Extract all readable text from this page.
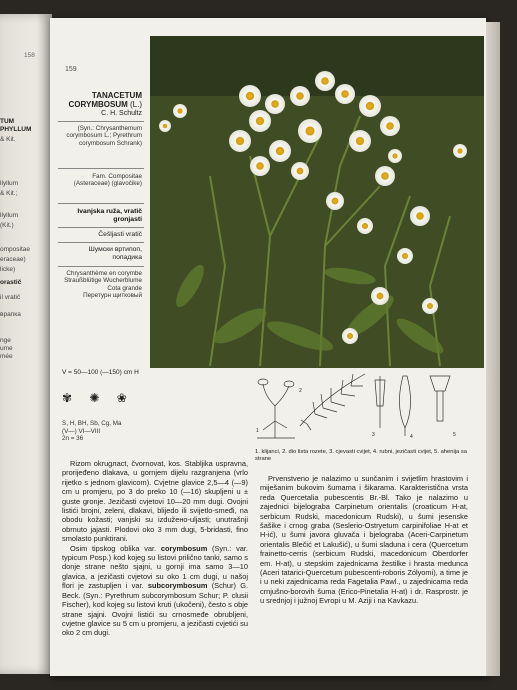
158
TUM
PHYLLUM
& Kit.
llyllum
& Kit.;
llyllum
(Kit.)
ompositae
eraceae)
licke)
orastič
il vratič
врапка
nge
ume
mée
159
TANACETUM
CORYMBOSUM (L.)
C. H. Schultz
(Syn.: Chrysanthemum corymbosum L.; Pyrethrum corymbosum Schrank)
Fam. Compositae (Asteraceae) (glavočike)
Ivanjska ruža, vratič gronjasti
Češljasti vratič
Шумски вртипоп, попадика
Chrysanthème en corymbe
Straußblütige Wucherblume
Cota grande
Перетурн щитковый
V = 50—100 (—150) cm H
✾ ✺ ❀
S, H, BH, Sb, Cg, Ma
(V—) VI—VIII
2n = 36
1
2
3	4	5
1. klijanci, 2. dio lista rozete, 3. cjevasti cvijet, 4. rubni, jezičasti cvijet, 5. ahenija sa strane

Rizom okrugласt, čvornovat, kos. Stabljika uspravna, prorijeđeno dlakava, u gornjem dijelu razgranjena (vrlo rijetko s jednom glavicom). Cvjetne glavice 2,5—4 (—9) cm u promjeru, po 3 do preko 10 (—16) skupljeni u ± guste gronje. Jezičasti cvjetovi 10—20 mm dugi. Ovojni listići brojni, zeleni, dlakavi, blijedo ili svijetlo-smeđi, na obodu kožasti; vanjski su izdužено-uljasti; unutrašnji obrnuto jajasti. Plodovi oko 3 mm dugi, 5-bridasti, fino smolasto punktirani.

Osim tipskog oblika var. corymbosum (Syn.: var. typicum Posp.) kod kojeg su listovi prilično tanki, samo s donje strane nešto sjajni, u gornji ima samo 3—10 glavica, a jezičasti cvjetovi su oko 1 cm dugi, u našoj flori je zastupljen i var. subcorymbosum (Schur) G. Beck. (Syn.: Pyrethrum subcorymbosum Schur; P. clusii Fischer), kod kojeg su listovi kruti (ukočeni), često s obje strane sjajni. Ovojni listići su crnosmeđe obrubljeni, cvjetne glavice su 5 cm u promjeru, a jezičasti cvjetići su oko 2 cm dugi.

Prvenstveno je nalazimo u sunčanim i svijetlim hrastovim i miješanim bukovim šumama i šikarama. Karakteristična vrsta reda Quercetalia pubescentis Br.-Bl. Tako je nalazimo u zajednici bijelograba Carpinetum orientalis (croaticum H-at, serbicum Rudski, macedonicum Rudski), u šumi jesenske šašike i crnog graba (Seslerio-Ostryetum carpinifoliae H-at et H-ić), u šumi javora gluvača i bjelograba (Aceri-Carpinetum orientalis Blečić et Lakušić), u šumi sladuna i cera (Quercetum frainetto-cerris (serbicum Rudski, macedonicum Oberdorfer em. H-at), u stepskim zajednicama žestilke i hrasta medunca (Aceri tatarici-Quercetum pubescenti-roboris Zólyomi), a time je i u neki zajednicama reda Fagetalia Pawl., u zajednicama reda crnjušno-borovih šuma (Erico-Pinetalia H-at) i dr. Rasprostr. je u srednjoj i južnoj Evropi u M. Aziji i na Kavkazu.
